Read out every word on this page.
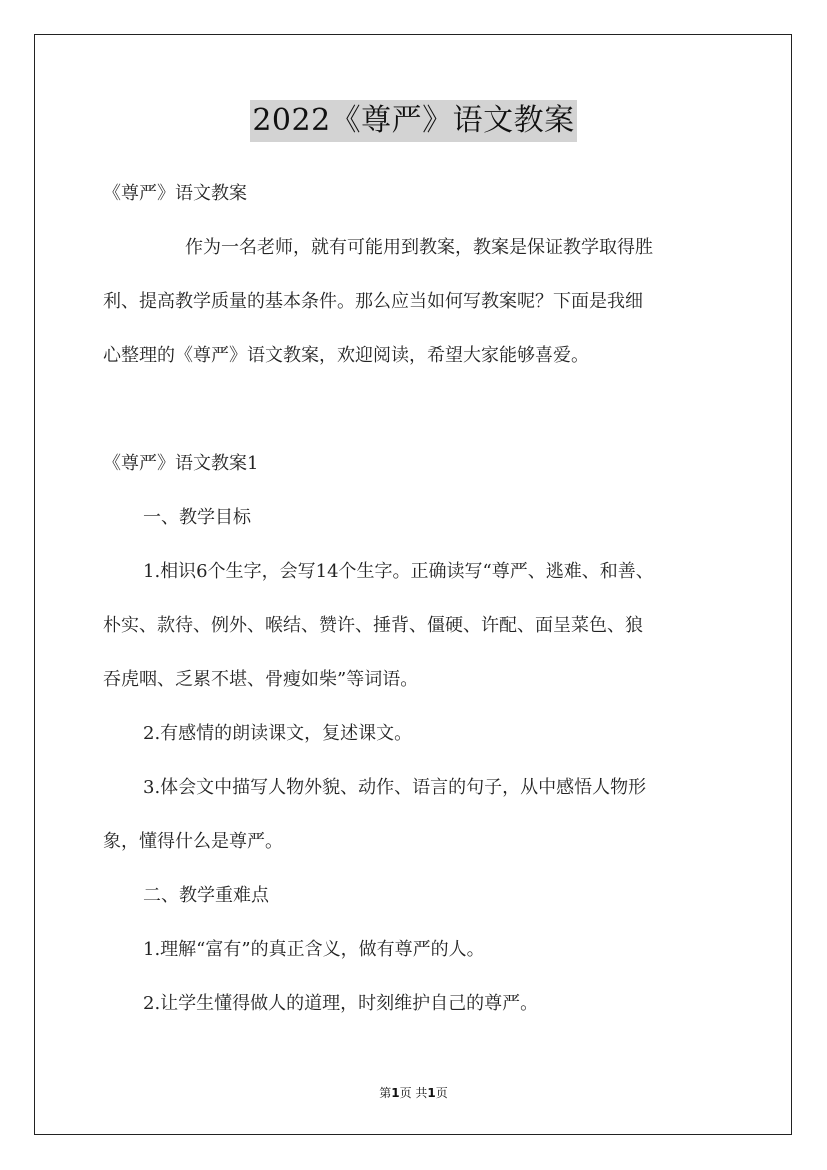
2022《尊严》语文教案
《尊严》语文教案
作为一名老师，就有可能用到教案，教案是保证教学取得胜
利、提高教学质量的基本条件。那么应当如何写教案呢？下面是我细
心整理的《尊严》语文教案，欢迎阅读，希望大家能够喜爱。
《尊严》语文教案1
一、教学目标
1.相识6个生字，会写14个生字。正确读写“尊严、逃难、和善、
朴实、款待、例外、喉结、赞许、捶背、僵硬、许配、面呈菜色、狼
吞虎咽、乏累不堪、骨瘦如柴”等词语。
2.有感情的朗读课文，复述课文。
3.体会文中描写人物外貌、动作、语言的句子，从中感悟人物形
象，懂得什么是尊严。
二、教学重难点
1.理解“富有”的真正含义，做有尊严的人。
2.让学生懂得做人的道理，时刻维护自己的尊严。
第1页 共1页
